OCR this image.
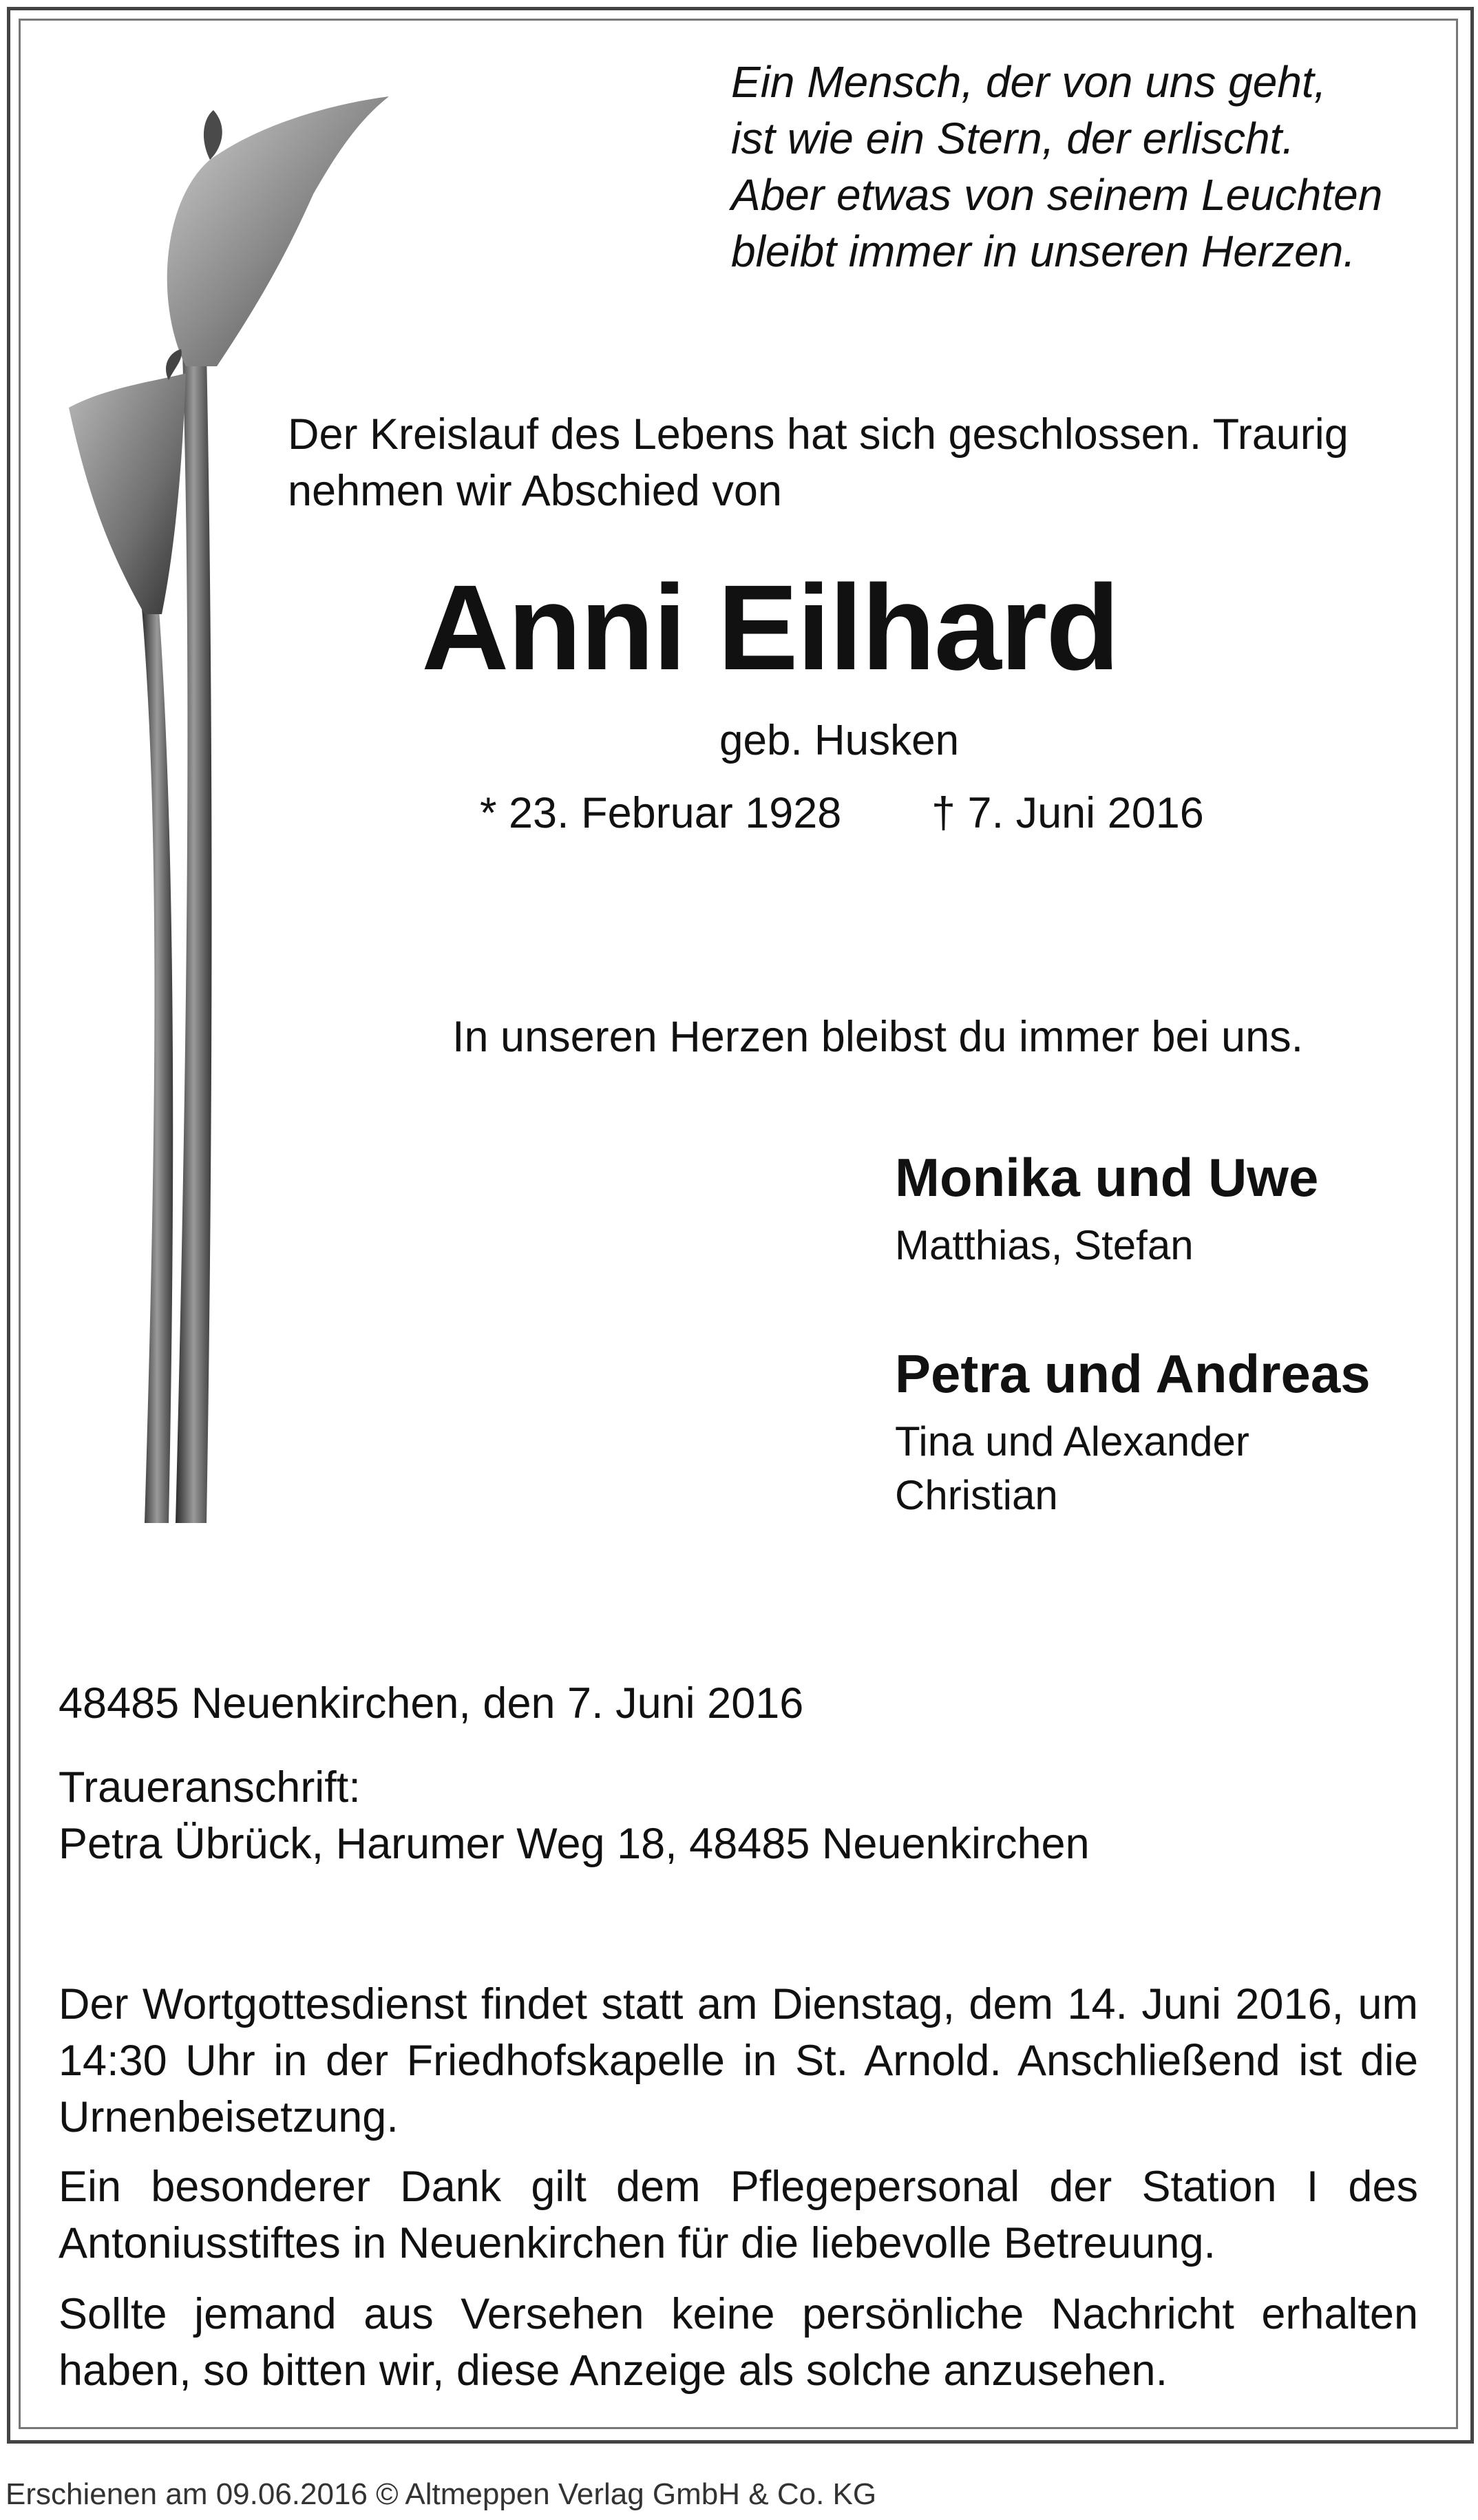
Ein Mensch, der von uns geht,
ist wie ein Stern, der erlischt.
Aber etwas von seinem Leuchten
bleibt immer in unseren Herzen.
Der Kreislauf des Lebens hat sich geschlossen. Traurig
nehmen wir Abschied von
Anni Eilhard
geb. Husken
* 23. Februar 1928 † 7. Juni 2016
In unseren Herzen bleibst du immer bei uns.
Monika und Uwe
Matthias, Stefan
Petra und Andreas
Tina und Alexander
Christian
48485 Neuenkirchen, den 7. Juni 2016
Traueranschrift:
Petra Übrück, Harumer Weg 18, 48485 Neuenkirchen
Der Wortgottesdienst findet statt am Dienstag, dem 14. Juni 2016, um 14:30 Uhr in der Friedhofskapelle in St. Arnold. Anschließend ist die Urnenbeisetzung.
Ein besonderer Dank gilt dem Pflegepersonal der Station I des Antoniusstiftes in Neuenkirchen für die liebevolle Betreuung.
Sollte jemand aus Versehen keine persönliche Nachricht erhalten haben, so bitten wir, diese Anzeige als solche anzusehen.
Erschienen am 09.06.2016 © Altmeppen Verlag GmbH & Co. KG
